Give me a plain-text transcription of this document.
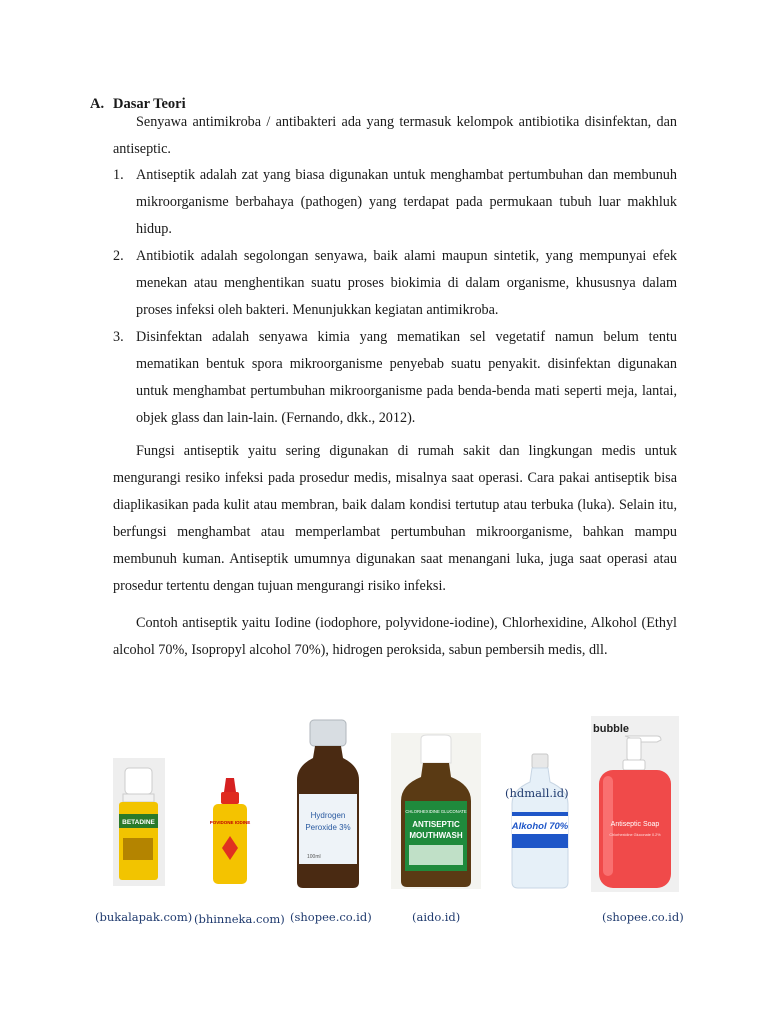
A. Dasar Teori
Senyawa antimikroba / antibakteri ada yang termasuk kelompok antibiotika disinfektan, dan antiseptic.
1. Antiseptik adalah zat yang biasa digunakan untuk menghambat pertumbuhan dan membunuh mikroorganisme berbahaya (pathogen) yang terdapat pada permukaan tubuh luar makhluk hidup.
2. Antibiotik adalah segolongan senyawa, baik alami maupun sintetik, yang mempunyai efek menekan atau menghentikan suatu proses biokimia di dalam organisme, khususnya dalam proses infeksi oleh bakteri. Menunjukkan kegiatan antimikroba.
3. Disinfektan adalah senyawa kimia yang mematikan sel vegetatif namun belum tentu mematikan bentuk spora mikroorganisme penyebab suatu penyakit. disinfektan digunakan untuk menghambat pertumbuhan mikroorganisme pada benda-benda mati seperti meja, lantai, objek glass dan lain-lain. (Fernando, dkk., 2012).
Fungsi antiseptik yaitu sering digunakan di rumah sakit dan lingkungan medis untuk mengurangi resiko infeksi pada prosedur medis, misalnya saat operasi. Cara pakai antiseptik bisa diaplikasikan pada kulit atau membran, baik dalam kondisi tertutup atau terbuka (luka). Selain itu, berfungsi menghambat atau memperlambat pertumbuhan mikroorganisme, bahkan mampu membunuh kuman. Antiseptik umumnya digunakan saat menangani luka, juga saat operasi atau prosedur tertentu dengan tujuan mengurangi risiko infeksi.
Contoh antiseptik yaitu Iodine (iodophore, polyvidone-iodine), Chlorhexidine, Alkohol (Ethyl alcohol 70%, Isopropyl alcohol 70%), hidrogen peroksida, sabun pembersih medis, dll.
BETADINE	POVIDONE IODINE
Hydrogen
Peroxide 3%
100ml
CHLORHEXIDINE GLUCONATE
ANTISEPTIC
MOUTHWASH
Alkohol 70%
bubble
Antiseptic Soap
Chlorhexidine Gluconate 0.2%
(bukalapak.com) (bhinneka.com) (shopee.co.id)	(aido.id)
(hdmall.id)
(shopee.co.id)
